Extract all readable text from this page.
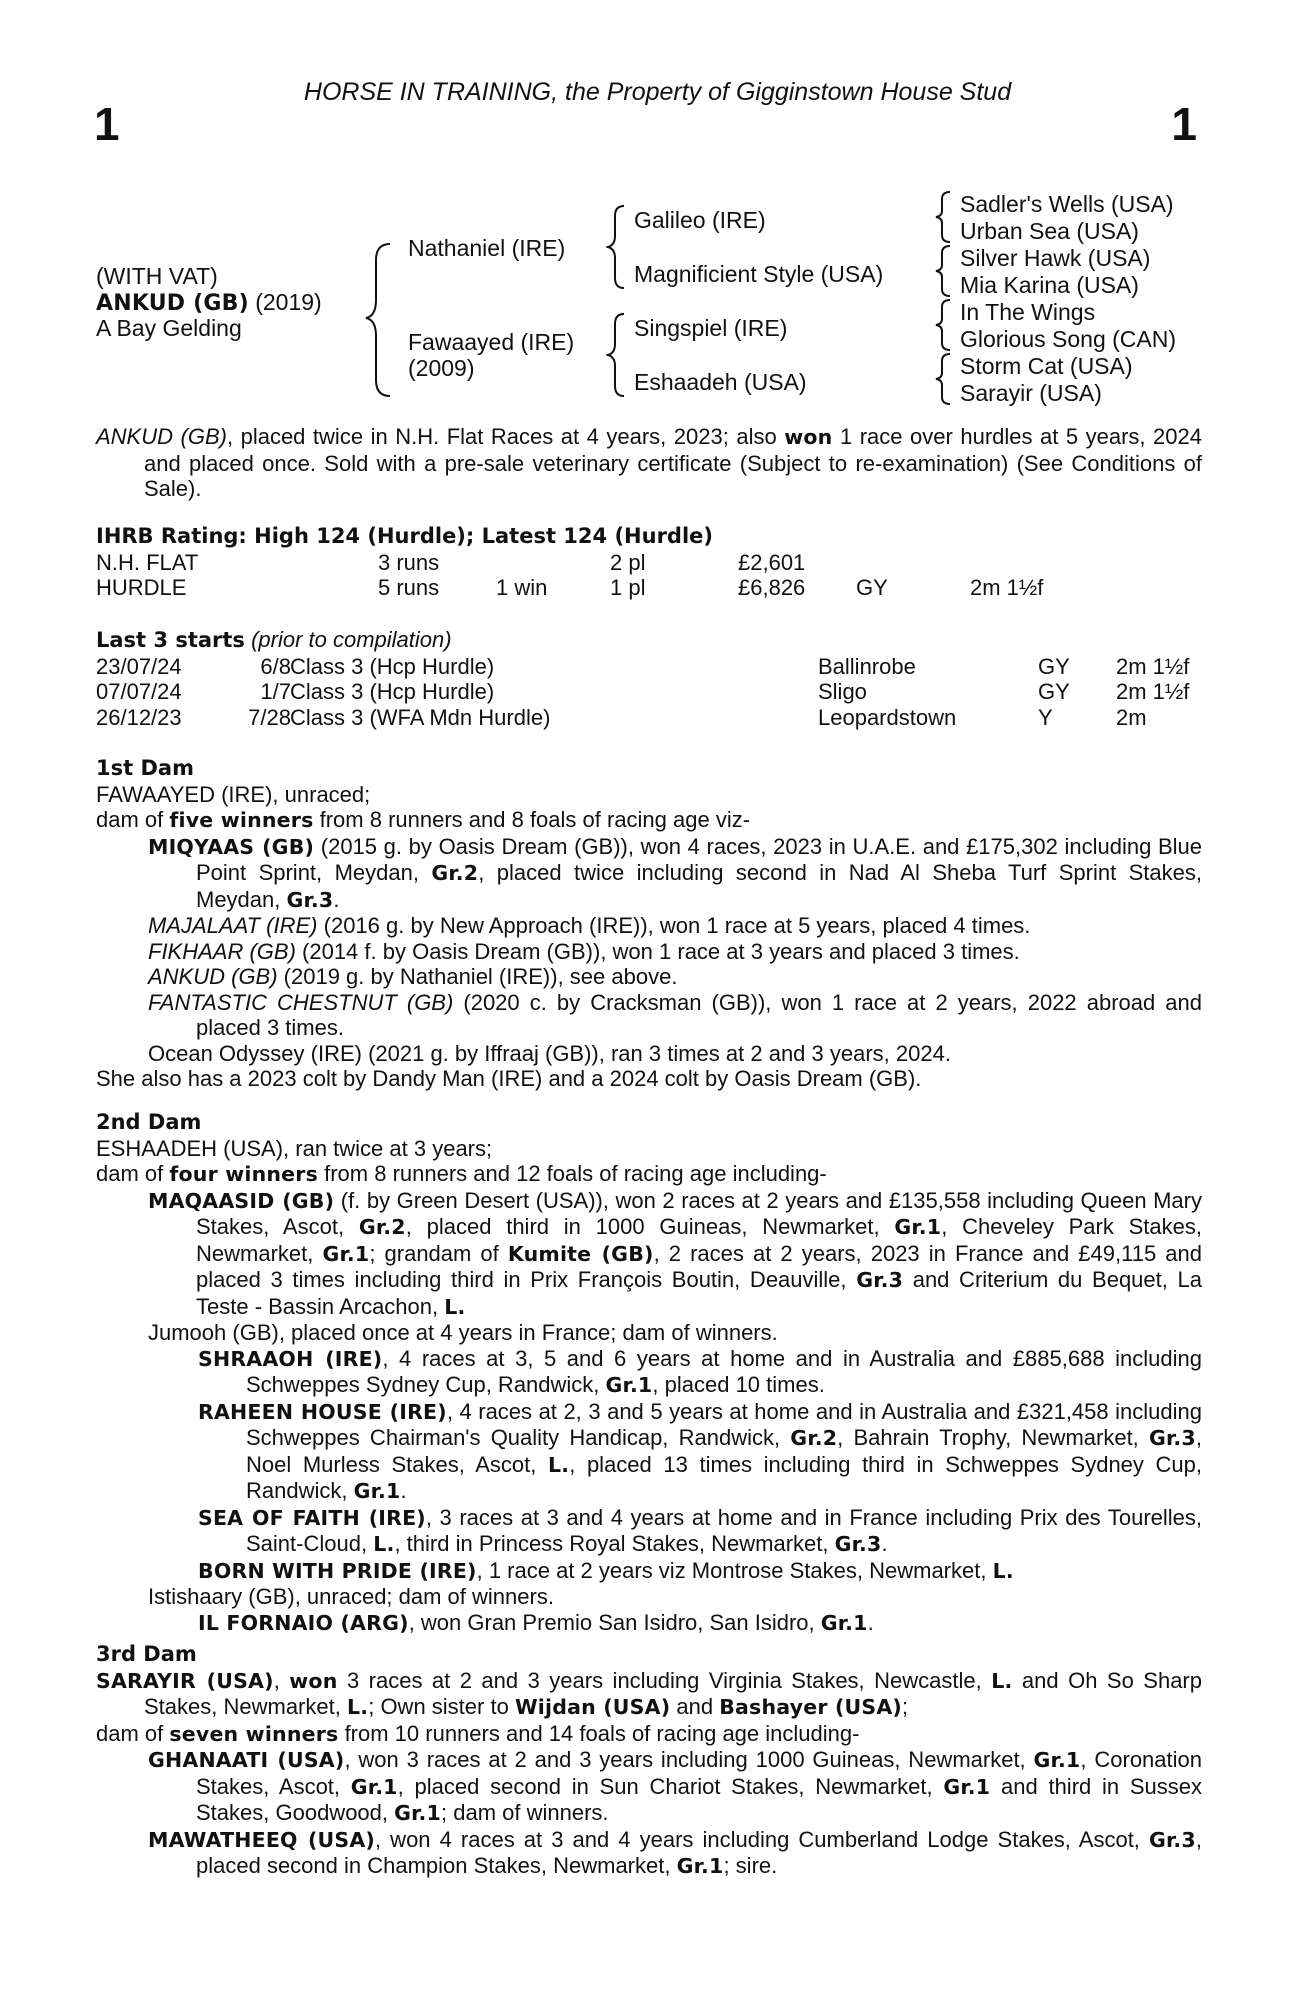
HORSE IN TRAINING, the Property of Gigginstown House Stud
1	1
(WITH VAT)
ANKUD (GB) (2019)
A Bay Gelding
Nathaniel (IRE)
Fawaayed (IRE)
(2009)
Galileo (IRE)
Magnificient Style (USA)
Singspiel (IRE)
Eshaadeh (USA)
Sadler's Wells (USA)
Urban Sea (USA)
Silver Hawk (USA)
Mia Karina (USA)
In The Wings
Glorious Song (CAN)
Storm Cat (USA)
Sarayir (USA)

ANKUD (GB), placed twice in N.H. Flat Races at 4 years, 2023; also won 1 race over hurdles at 5 years, 2024 and placed once. Sold with a pre-sale veterinary certificate (Subject to re-examination) (See Conditions of Sale).

IHRB Rating: High 124 (Hurdle); Latest 124 (Hurdle)
N.H. FLAT	3 runs	2 pl	£2,601
HURDLE	5 runs	1 win	1 pl	£6,826 GY	2m 1½f
Last 3 starts (prior to compilation)
23/07/24	6/8 Class 3 (Hcp Hurdle)	Ballinrobe	GY 2m 1½f
07/07/24	1/7 Class 3 (Hcp Hurdle)	Sligo	GY 2m 1½f
26/12/23	7/28 Class 3 (WFA Mdn Hurdle)	Leopardstown	Y	2m
1st Dam

FAWAAYED (IRE), unraced;

dam of five winners from 8 runners and 8 foals of racing age viz-

MIQYAAS (GB) (2015 g. by Oasis Dream (GB)), won 4 races, 2023 in U.A.E. and £175,302 including Blue Point Sprint, Meydan, Gr.2, placed twice including second in Nad Al Sheba Turf Sprint Stakes, Meydan, Gr.3.

MAJALAAT (IRE) (2016 g. by New Approach (IRE)), won 1 race at 5 years, placed 4 times.

FIKHAAR (GB) (2014 f. by Oasis Dream (GB)), won 1 race at 3 years and placed 3 times.

ANKUD (GB) (2019 g. by Nathaniel (IRE)), see above.

FANTASTIC CHESTNUT (GB) (2020 c. by Cracksman (GB)), won 1 race at 2 years, 2022 abroad and placed 3 times.

Ocean Odyssey (IRE) (2021 g. by Iffraaj (GB)), ran 3 times at 2 and 3 years, 2024.

She also has a 2023 colt by Dandy Man (IRE) and a 2024 colt by Oasis Dream (GB).

2nd Dam

ESHAADEH (USA), ran twice at 3 years;

dam of four winners from 8 runners and 12 foals of racing age including-

MAQAASID (GB) (f. by Green Desert (USA)), won 2 races at 2 years and £135,558 including Queen Mary Stakes, Ascot, Gr.2, placed third in 1000 Guineas, Newmarket, Gr.1, Cheveley Park Stakes, Newmarket, Gr.1; grandam of Kumite (GB), 2 races at 2 years, 2023 in France and £49,115 and placed 3 times including third in Prix François Boutin, Deauville, Gr.3 and Criterium du Bequet, La Teste - Bassin Arcachon, L.

Jumooh (GB), placed once at 4 years in France; dam of winners.

SHRAAOH (IRE), 4 races at 3, 5 and 6 years at home and in Australia and £885,688 including Schweppes Sydney Cup, Randwick, Gr.1, placed 10 times.

RAHEEN HOUSE (IRE), 4 races at 2, 3 and 5 years at home and in Australia and £321,458 including Schweppes Chairman's Quality Handicap, Randwick, Gr.2, Bahrain Trophy, Newmarket, Gr.3, Noel Murless Stakes, Ascot, L., placed 13 times including third in Schweppes Sydney Cup, Randwick, Gr.1.

SEA OF FAITH (IRE), 3 races at 3 and 4 years at home and in France including Prix des Tourelles, Saint-Cloud, L., third in Princess Royal Stakes, Newmarket, Gr.3.

BORN WITH PRIDE (IRE), 1 race at 2 years viz Montrose Stakes, Newmarket, L.

Istishaary (GB), unraced; dam of winners.

IL FORNAIO (ARG), won Gran Premio San Isidro, San Isidro, Gr.1.

3rd Dam

SARAYIR (USA), won 3 races at 2 and 3 years including Virginia Stakes, Newcastle, L. and Oh So Sharp Stakes, Newmarket, L.; Own sister to Wijdan (USA) and Bashayer (USA);

dam of seven winners from 10 runners and 14 foals of racing age including-

GHANAATI (USA), won 3 races at 2 and 3 years including 1000 Guineas, Newmarket, Gr.1, Coronation Stakes, Ascot, Gr.1, placed second in Sun Chariot Stakes, Newmarket, Gr.1 and third in Sussex Stakes, Goodwood, Gr.1; dam of winners.

MAWATHEEQ (USA), won 4 races at 3 and 4 years including Cumberland Lodge Stakes, Ascot, Gr.3, placed second in Champion Stakes, Newmarket, Gr.1; sire.
